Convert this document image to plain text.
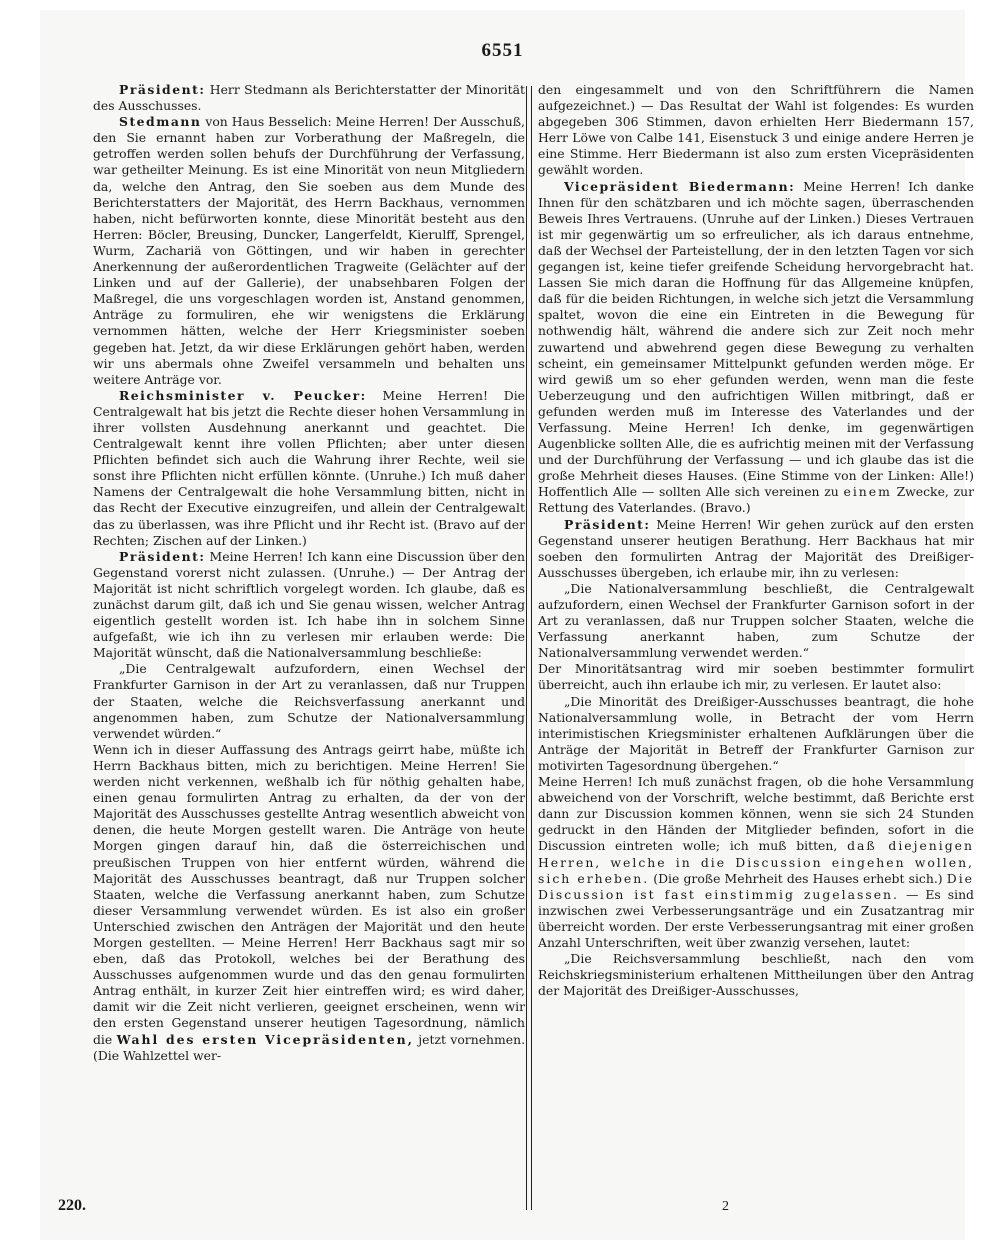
6551

Präsident: Herr Stedmann als Berichterstatter der Minorität des Ausschusses.

Stedmann von Haus Besselich: Meine Herren! Der Ausschuß, den Sie ernannt haben zur Vorberathung der Maßregeln, die getroffen werden sollen behufs der Durchführung der Verfassung, war getheilter Meinung. Es ist eine Minorität von neun Mitgliedern da, welche den Antrag, den Sie soeben aus dem Munde des Berichterstatters der Majorität, des Herrn Backhaus, vernommen haben, nicht befürworten konnte, diese Minorität besteht aus den Herren: Böcler, Breusing, Duncker, Langerfeldt, Kierulff, Sprengel, Wurm, Zachariä von Göttingen, und wir haben in gerechter Anerkennung der außerordentlichen Tragweite (Gelächter auf der Linken und auf der Gallerie), der unabsehbaren Folgen der Maßregel, die uns vorgeschlagen worden ist, Anstand genommen, Anträge zu formuliren, ehe wir wenigstens die Erklärung vernommen hätten, welche der Herr Kriegsminister soeben gegeben hat. Jetzt, da wir diese Erklärungen gehört haben, werden wir uns abermals ohne Zweifel versammeln und behalten uns weitere Anträge vor.

Reichsminister v. Peucker: Meine Herren! Die Centralgewalt hat bis jetzt die Rechte dieser hohen Versammlung in ihrer vollsten Ausdehnung anerkannt und geachtet. Die Centralgewalt kennt ihre vollen Pflichten; aber unter diesen Pflichten befindet sich auch die Wahrung ihrer Rechte, weil sie sonst ihre Pflichten nicht erfüllen könnte. (Unruhe.) Ich muß daher Namens der Centralgewalt die hohe Versammlung bitten, nicht in das Recht der Executive einzugreifen, und allein der Centralgewalt das zu überlassen, was ihre Pflicht und ihr Recht ist. (Bravo auf der Rechten; Zischen auf der Linken.)

Präsident: Meine Herren! Ich kann eine Discussion über den Gegenstand vorerst nicht zulassen. (Unruhe.) — Der Antrag der Majorität ist nicht schriftlich vorgelegt worden. Ich glaube, daß es zunächst darum gilt, daß ich und Sie genau wissen, welcher Antrag eigentlich gestellt worden ist. Ich habe ihn in solchem Sinne aufgefaßt, wie ich ihn zu verlesen mir erlauben werde: Die Majorität wünscht, daß die Nationalversammlung beschließe:

„Die Centralgewalt aufzufordern, einen Wechsel der Frankfurter Garnison in der Art zu veranlassen, daß nur Truppen der Staaten, welche die Reichsverfassung anerkannt und angenommen haben, zum Schutze der Nationalversammlung verwendet würden.“

Wenn ich in dieser Auffassung des Antrags geirrt habe, müßte ich Herrn Backhaus bitten, mich zu berichtigen. Meine Herren! Sie werden nicht verkennen, weßhalb ich für nöthig gehalten habe, einen genau formulirten Antrag zu erhalten, da der von der Majorität des Ausschusses gestellte Antrag wesentlich abweicht von denen, die heute Morgen gestellt waren. Die Anträge von heute Morgen gingen darauf hin, daß die österreichischen und preußischen Truppen von hier entfernt würden, während die Majorität des Ausschusses beantragt, daß nur Truppen solcher Staaten, welche die Verfassung anerkannt haben, zum Schutze dieser Versammlung verwendet würden. Es ist also ein großer Unterschied zwischen den Anträgen der Majorität und den heute Morgen gestellten. — Meine Herren! Herr Backhaus sagt mir so eben, daß das Protokoll, welches bei der Berathung des Ausschusses aufgenommen wurde und das den genau formulirten Antrag enthält, in kurzer Zeit hier eintreffen wird; es wird daher, damit wir die Zeit nicht verlieren, geeignet erscheinen, wenn wir den ersten Gegenstand unserer heutigen Tagesordnung, nämlich die Wahl des ersten Vicepräsidenten, jetzt vornehmen. (Die Wahlzettel wer-

den eingesammelt und von den Schriftführern die Namen aufgezeichnet.) — Das Resultat der Wahl ist folgendes: Es wurden abgegeben 306 Stimmen, davon erhielten Herr Biedermann 157, Herr Löwe von Calbe 141, Eisenstuck 3 und einige andere Herren je eine Stimme. Herr Biedermann ist also zum ersten Vicepräsidenten gewählt worden.

Vicepräsident Biedermann: Meine Herren! Ich danke Ihnen für den schätzbaren und ich möchte sagen, überraschenden Beweis Ihres Vertrauens. (Unruhe auf der Linken.) Dieses Vertrauen ist mir gegenwärtig um so erfreulicher, als ich daraus entnehme, daß der Wechsel der Parteistellung, der in den letzten Tagen vor sich gegangen ist, keine tiefer greifende Scheidung hervorgebracht hat. Lassen Sie mich daran die Hoffnung für das Allgemeine knüpfen, daß für die beiden Richtungen, in welche sich jetzt die Versammlung spaltet, wovon die eine ein Eintreten in die Bewegung für nothwendig hält, während die andere sich zur Zeit noch mehr zuwartend und abwehrend gegen diese Bewegung zu verhalten scheint, ein gemeinsamer Mittelpunkt gefunden werden möge. Er wird gewiß um so eher gefunden werden, wenn man die feste Ueberzeugung und den aufrichtigen Willen mitbringt, daß er gefunden werden muß im Interesse des Vaterlandes und der Verfassung. Meine Herren! Ich denke, im gegenwärtigen Augenblicke sollten Alle, die es aufrichtig meinen mit der Verfassung und der Durchführung der Verfassung — und ich glaube das ist die große Mehrheit dieses Hauses. (Eine Stimme von der Linken: Alle!) Hoffentlich Alle — sollten Alle sich vereinen zu einem Zwecke, zur Rettung des Vaterlandes. (Bravo.)

Präsident: Meine Herren! Wir gehen zurück auf den ersten Gegenstand unserer heutigen Berathung. Herr Backhaus hat mir soeben den formulirten Antrag der Majorität des Dreißiger-Ausschusses übergeben, ich erlaube mir, ihn zu verlesen:

„Die Nationalversammlung beschließt, die Centralgewalt aufzufordern, einen Wechsel der Frankfurter Garnison sofort in der Art zu veranlassen, daß nur Truppen solcher Staaten, welche die Verfassung anerkannt haben, zum Schutze der Nationalversammlung verwendet werden.“

Der Minoritätsantrag wird mir soeben bestimmter formulirt überreicht, auch ihn erlaube ich mir, zu verlesen. Er lautet also:

„Die Minorität des Dreißiger-Ausschusses beantragt, die hohe Nationalversammlung wolle, in Betracht der vom Herrn interimistischen Kriegsminister erhaltenen Aufklärungen über die Anträge der Majorität in Betreff der Frankfurter Garnison zur motivirten Tagesordnung übergehen.“

Meine Herren! Ich muß zunächst fragen, ob die hohe Versammlung abweichend von der Vorschrift, welche bestimmt, daß Berichte erst dann zur Discussion kommen können, wenn sie sich 24 Stunden gedruckt in den Händen der Mitglieder befinden, sofort in die Discussion eintreten wolle; ich muß bitten, daß diejenigen Herren, welche in die Discussion eingehen wollen, sich erheben. (Die große Mehrheit des Hauses erhebt sich.) Die Discussion ist fast einstimmig zugelassen. — Es sind inzwischen zwei Verbesserungsanträge und ein Zusatzantrag mir überreicht worden. Der erste Verbesserungsantrag mit einer großen Anzahl Unterschriften, weit über zwanzig versehen, lautet:

„Die Reichsversammlung beschließt, nach den vom Reichskriegsministerium erhaltenen Mittheilungen über den Antrag der Majorität des Dreißiger-Ausschusses,

220.	2
